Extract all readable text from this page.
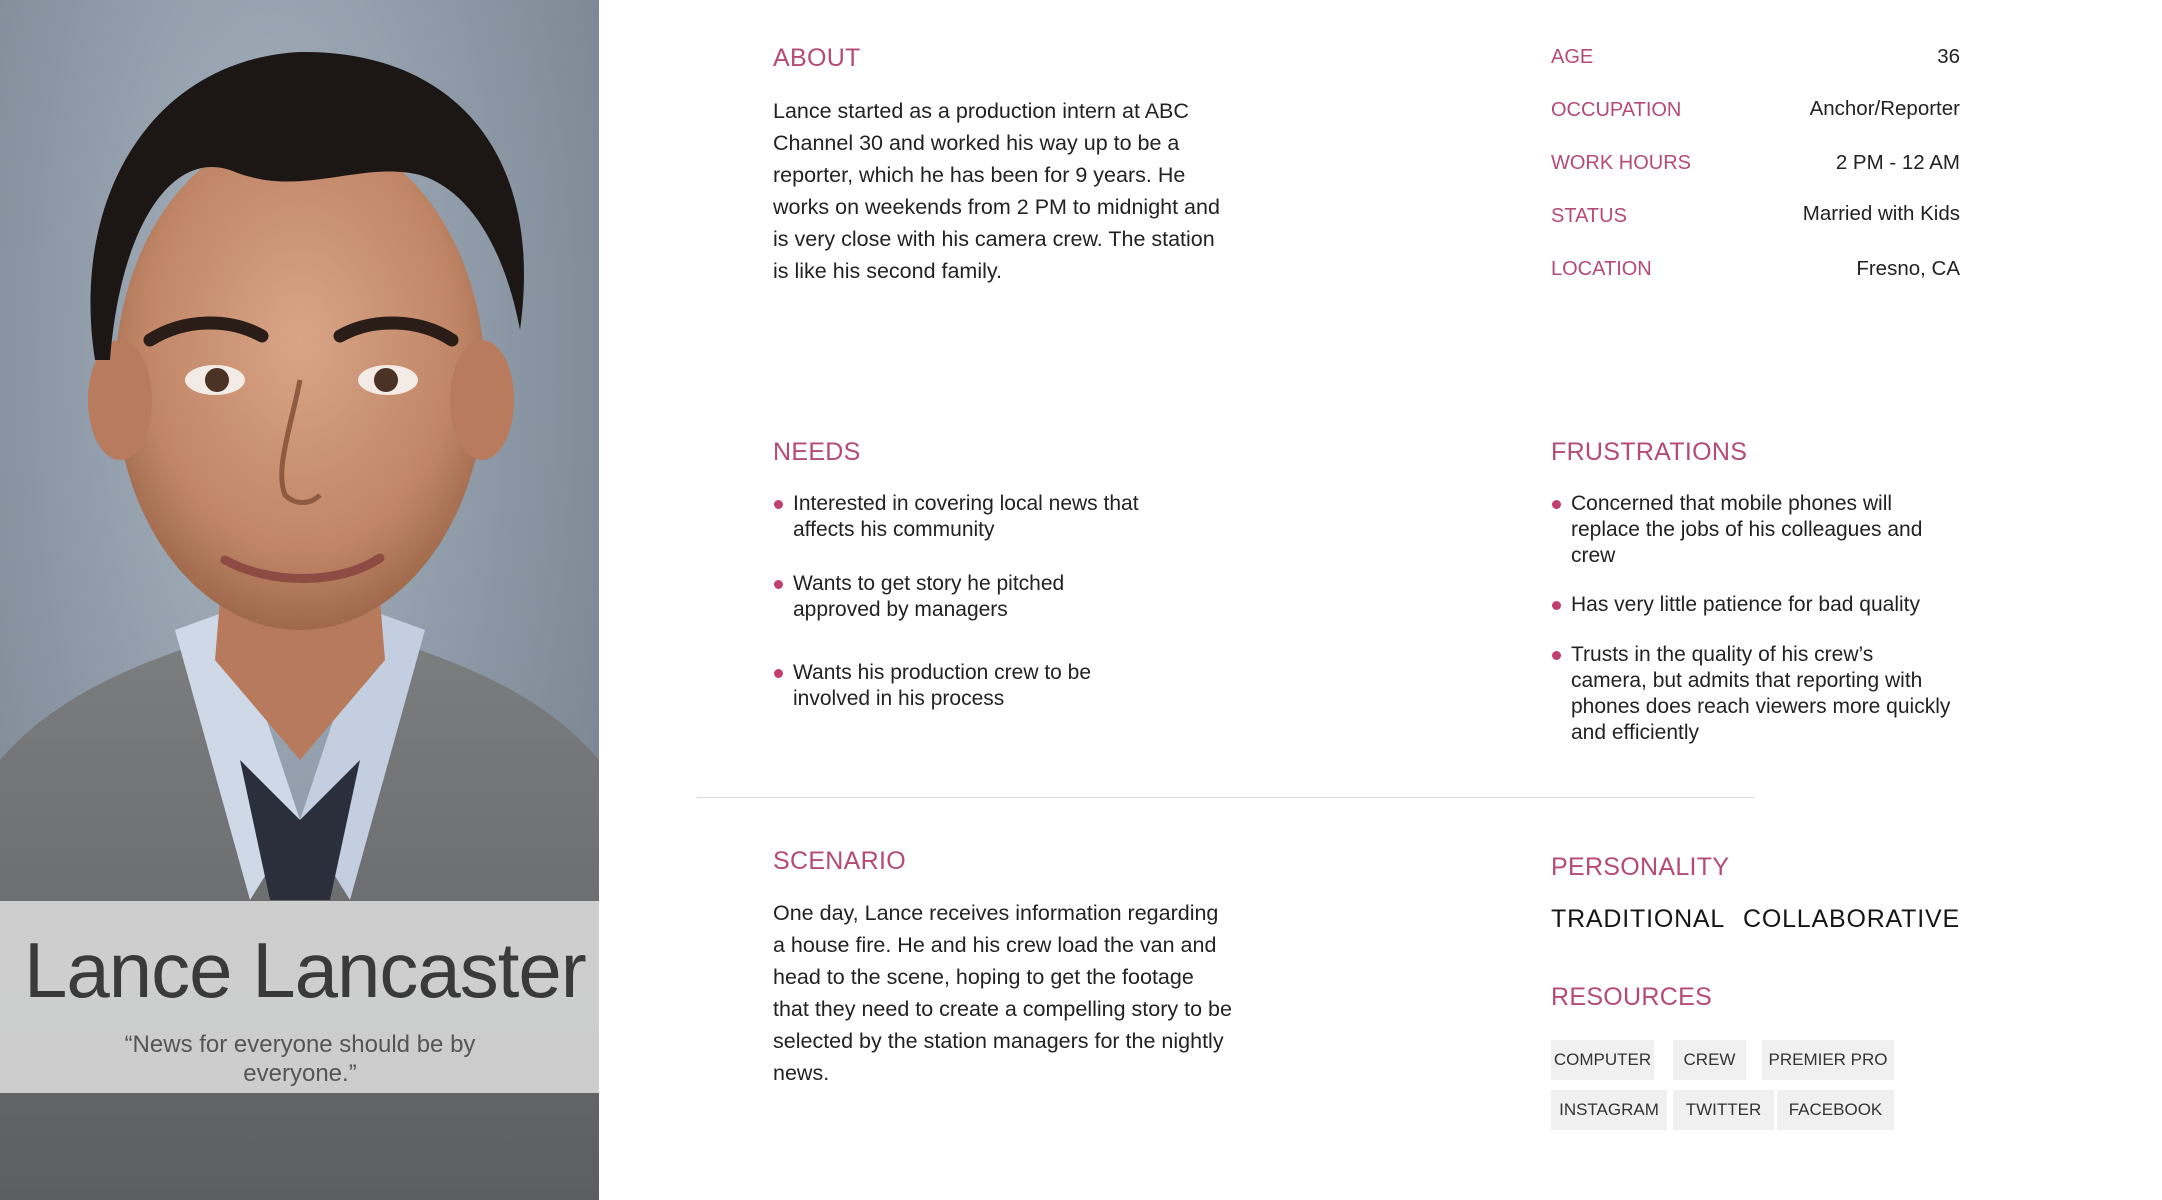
Lance Lancaster
“News for everyone should be by everyone.”
ABOUT
Lance started as a production intern at ABC Channel 30 and worked his way up to be a reporter, which he has been for 9 years. He works on weekends from 2 PM to midnight and is very close with his camera crew. The station is like his second family.
AGE	36
OCCUPATION	Anchor/Reporter
WORK HOURS	2 PM - 12 AM
STATUS	Married with Kids
LOCATION	Fresno, CA
NEEDS
Interested in covering local news that affects his community
Wants to get story he pitched approved by managers
Wants his production crew to be involved in his process
FRUSTRATIONS
Concerned that mobile phones will replace the jobs of his colleagues and crew
Has very little patience for bad quality
Trusts in the quality of his crew’s camera, but admits that reporting with phones does reach viewers more quickly and efficiently
SCENARIO
One day, Lance receives information regarding a house fire. He and his crew load the van and head to the scene, hoping to get the footage that they need to create a compelling story to be selected by the station managers for the nightly news.
PERSONALITY
TRADITIONAL COLLABORATIVE
RESOURCES
COMPUTER	CREW	PREMIER PRO
INSTAGRAM	TWITTER	FACEBOOK
